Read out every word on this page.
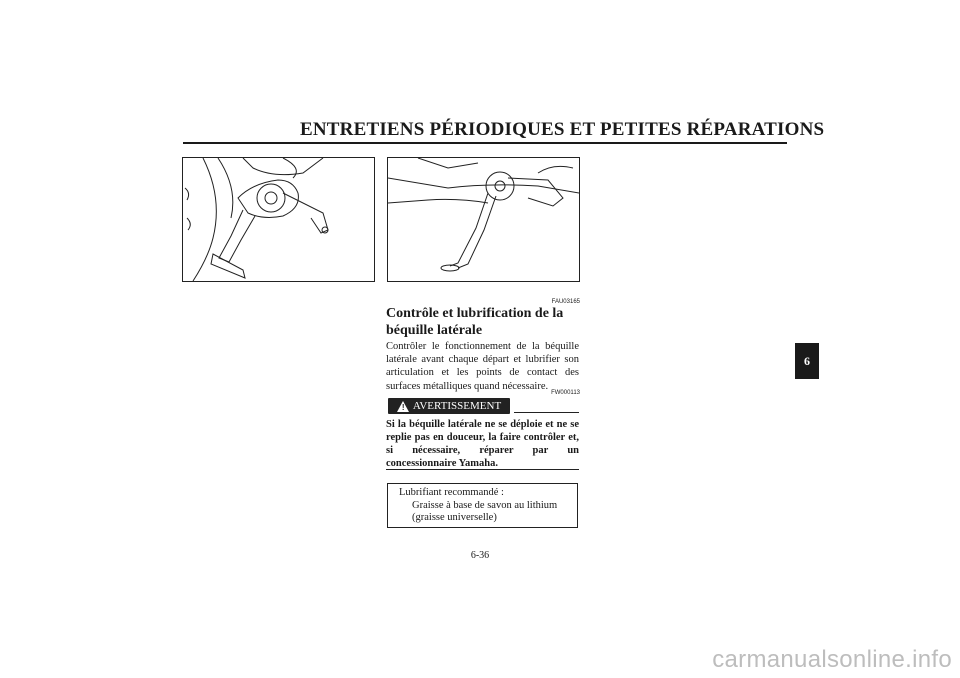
ENTRETIENS PÉRIODIQUES ET PETITES RÉPARATIONS
FAU03165
Contrôle et lubrification de la
béquille latérale
Contrôler le fonctionnement de la béquille latérale avant chaque départ et lubrifier son articulation et les points de contact des surfaces métalliques quand nécessaire.
FW000113
! AVERTISSEMENT
Si la béquille latérale ne se déploie et ne se replie pas en douceur, la faire contrôler et, si nécessaire, réparer par un concessionnaire Yamaha.
Lubrifiant recommandé :
Graisse à base de savon au lithium
(graisse universelle)
6-36
6
carmanualsonline.info
